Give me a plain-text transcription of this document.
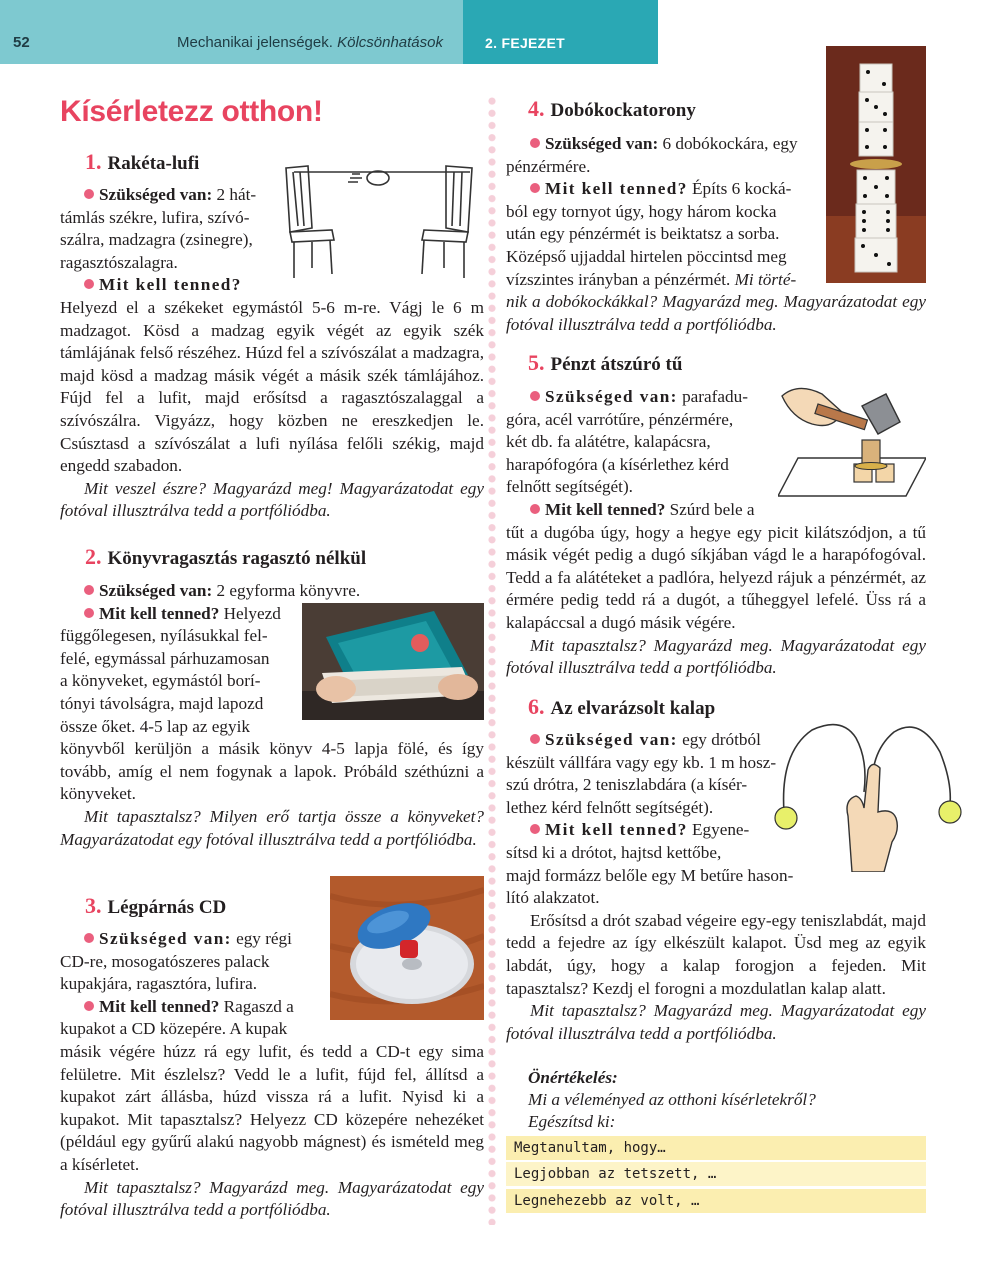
52	Mechanikai jelenségek. Kölcsönhatások	2. FEJEZET
Kísérletezz otthon!
1. Rakéta-lufi
Szükséged van: 2 hát-
támlás székre, lufira, szívó-
szálra, madzagra (zsinegre),
ragasztószalagra.
Mit kell tenned?

Helyezd el a székeket egymástól 5-6 m-re. Vágj le 6 m madzagot. Kösd a madzag egyik végét az egyik szék támlájának felső részéhez. Húzd fel a szívószálat a madzagra, majd kösd a madzag másik végét a másik szék támlájához. Fújd fel a lufit, majd erősítsd a ragasztószalaggal a szívószálra. Vigyázz, hogy közben ne ereszkedjen le. Csúsztasd a szívószálat a lufi nyílása felőli székig, majd engedd szabadon.

Mit veszel észre? Magyarázd meg! Magyarázatodat egy fotóval illusztrálva tedd a portfóliódba.

2. Könyvragasztás ragasztó nélkül
Szükséged van: 2 egyforma könyvre.
Mit kell tenned? Helyezd
függőlegesen, nyílásukkal fel-
felé, egymással párhuzamosan
a könyveket, egymástól borí-
tónyi távolságra, majd lapozd
össze őket. 4-5 lap az egyik

könyvből kerüljön a másik könyv 4-5 lapja fölé, és így tovább, amíg el nem fogynak a lapok. Próbáld széthúzni a könyveket.

Mit tapasztalsz? Milyen erő tartja össze a könyveket? Magyarázatodat egy fotóval illusztrálva tedd a portfóliódba.

3. Légpárnás CD
Szükséged van: egy régi
CD-re, mosogatószeres palack
kupakjára, ragasztóra, lufira.
Mit kell tenned? Ragaszd a
kupakot a CD közepére. A kupak

másik végére húzz rá egy lufit, és tedd a CD-t egy sima felületre. Mit észlelsz? Vedd le a lufit, fújd fel, állítsd a kupakot zárt állásba, húzd vissza rá a lufit. Nyisd ki a kupakot. Mit tapasztalsz? Helyezz CD közepére nehezéket (például egy gyűrű alakú nagyobb mágnest) és ismételd meg a kísérletet.

Mit tapasztalsz? Magyarázd meg. Magyarázatodat egy fotóval illusztrálva tedd a portfóliódba.

4. Dobókockatorony
Szükséged van: 6 dobókockára, egy
pénzérmére.
Mit kell tenned? Építs 6 kocká-
ból egy tornyot úgy, hogy három kocka
után egy pénzérmét is beiktatsz a sorba.
Középső ujjaddal hirtelen pöccintsd meg
vízszintes irányban a pénzérmét. Mi törté-

nik a dobókockákkal? Magyarázd meg. Magyarázatodat egy fotóval illusztrálva tedd a portfóliódba.

5. Pénzt átszúró tű
Szükséged van: parafadu-
góra, acél varrótűre, pénzérmére,
két db. fa alátétre, kalapácsra,
harapófogóra (a kísérlethez kérd
felnőtt segítségét).
Mit kell tenned? Szúrd bele a

tűt a dugóba úgy, hogy a hegye egy picit kilátszódjon, a tű másik végét pedig a dugó síkjában vágd le a harapófogóval. Tedd a fa alátéteket a padlóra, helyezd rájuk a pénzérmét, az érmére pedig tedd rá a dugót, a tűheggyel lefelé. Üss rá a kalapáccsal a dugó másik végére.

Mit tapasztalsz? Magyarázd meg. Magyarázatodat egy fotóval illusztrálva tedd a portfóliódba.

6. Az elvarázsolt kalap
Szükséged van: egy drótból
készült vállfára vagy egy kb. 1 m hosz-
szú drótra, 2 teniszlabdára (a kísér-
lethez kérd felnőtt segítségét).
Mit kell tenned? Egyene-
sítsd ki a drótot, hajtsd kettőbe,
majd formázz belőle egy M betűre hason-
lító alakzatot.

Erősítsd a drót szabad végeire egy-egy teniszlabdát, majd tedd a fejedre az így elkészült kalapot. Üsd meg az egyik labdát, úgy, hogy a kalap forogjon a fejeden. Mit tapasztalsz? Kezdj el forogni a mozdulatlan kalap alatt.

Mit tapasztalsz? Magyarázd meg. Magyarázatodat egy fotóval illusztrálva tedd a portfóliódba.

Önértékelés:
Mi a véleményed az otthoni kísérletekről?
Egészítsd ki:
Megtanultam, hogy…
Legjobban az tetszett, …
Legnehezebb az volt, …
